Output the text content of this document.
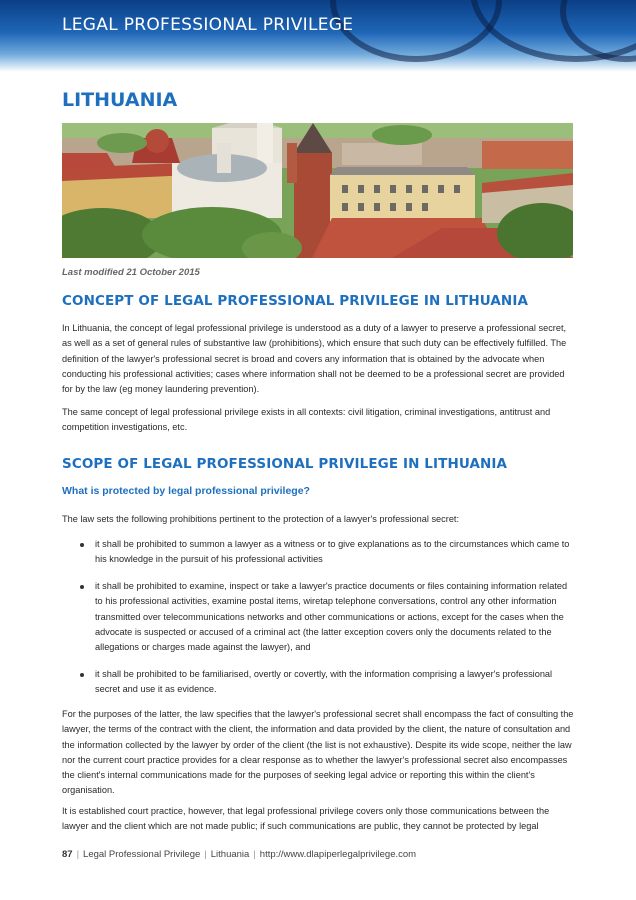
LEGAL PROFESSIONAL PRIVILEGE
LITHUANIA
Last modified 21 October 2015
CONCEPT OF LEGAL PROFESSIONAL PRIVILEGE IN LITHUANIA

In Lithuania, the concept of legal professional privilege is understood as a duty of a lawyer to preserve a professional secret, as well as a set of general rules of substantive law (prohibitions), which ensure that such duty can be effectively fulfilled. The definition of the lawyer's professional secret is broad and covers any information that is obtained by the advocate when conducting his professional activities; cases where information shall not be deemed to be a professional secret are provided for by the law (eg money laundering prevention).

The same concept of legal professional privilege exists in all contexts: civil litigation, criminal investigations, antitrust and competition investigations, etc.

SCOPE OF LEGAL PROFESSIONAL PRIVILEGE IN LITHUANIA
What is protected by legal professional privilege?

The law sets the following prohibitions pertinent to the protection of a lawyer's professional secret:

it shall be prohibited to summon a lawyer as a witness or to give explanations as to the circumstances which came to his knowledge in the pursuit of his professional activities

it shall be prohibited to examine, inspect or take a lawyer's practice documents or files containing information related to his professional activities, examine postal items, wiretap telephone conversations, control any other information transmitted over telecommunications networks and other communications or actions, except for the cases when the advocate is suspected or accused of a criminal act (the latter exception covers only the documents related to the allegations or charges made against the lawyer), and

it shall be prohibited to be familiarised, overtly or covertly, with the information comprising a lawyer's professional secret and use it as evidence.

For the purposes of the latter, the law specifies that the lawyer's professional secret shall encompass the fact of consulting the lawyer, the terms of the contract with the client, the information and data provided by the client, the nature of consultation and the information collected by the lawyer by order of the client (the list is not exhaustive). Despite its wide scope, neither the law nor the current court practice provides for a clear response as to whether the lawyer's professional secret also encompasses the client's internal communications made for the purposes of seeking legal advice or reporting this within the client's organisation.

It is established court practice, however, that legal professional privilege covers only those communications between the lawyer and the client which are not made public; if such communications are public, they cannot be protected by legal

87 | Legal Professional Privilege | Lithuania | http://www.dlapiperlegalprivilege.com
